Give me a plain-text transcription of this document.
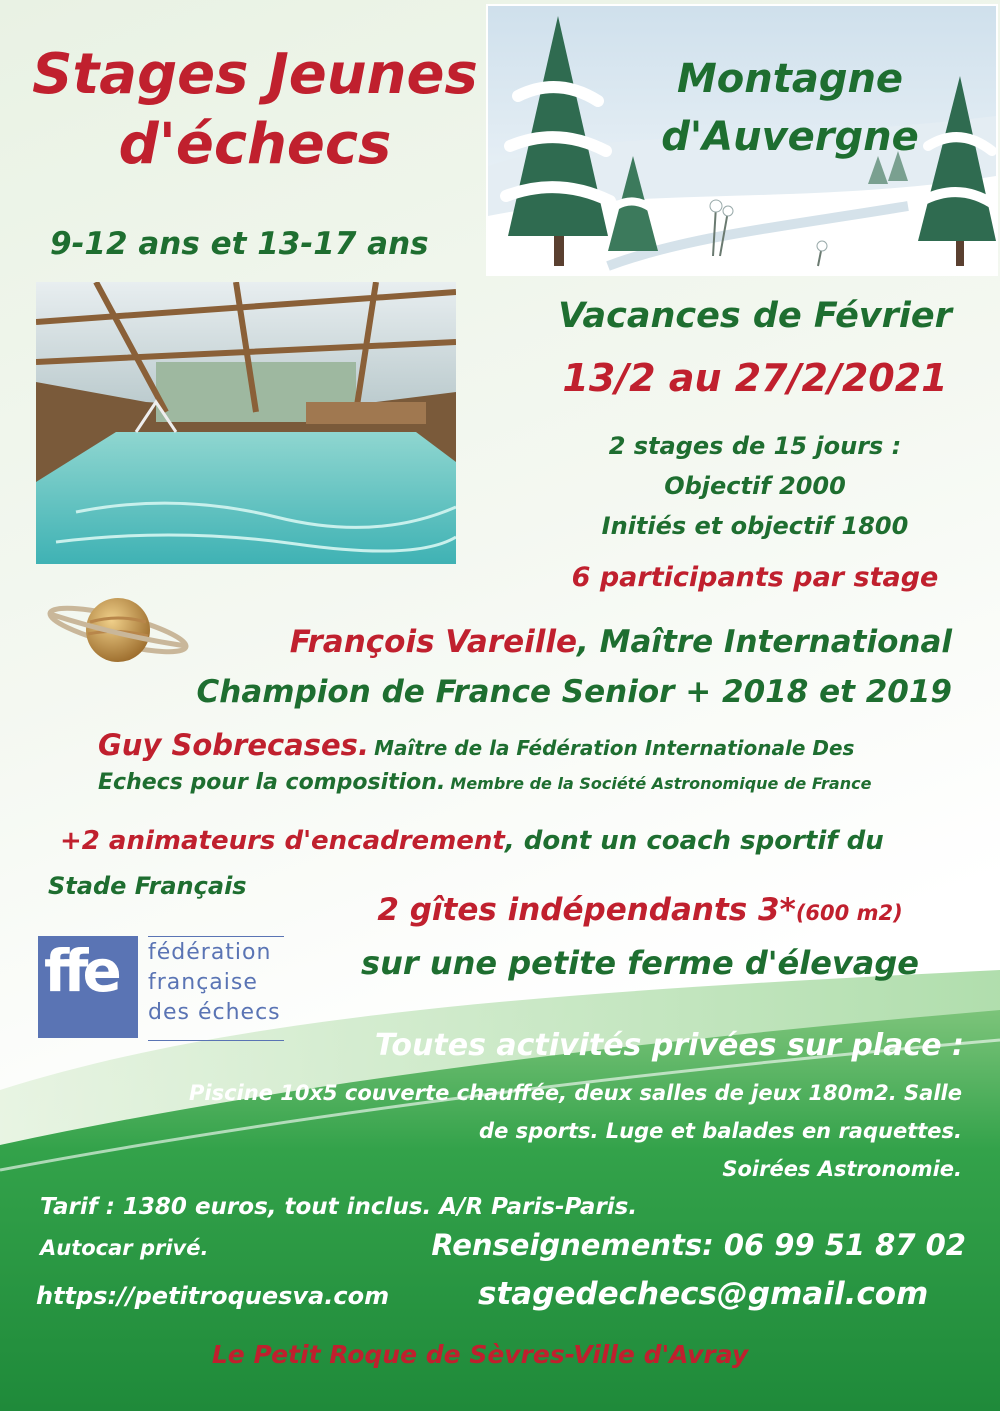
Stages Jeunes
d'échecs
9-12 ans et 13-17 ans
Montagne
d'Auvergne
Vacances de Février
13/2 au 27/2/2021
2 stages de 15 jours :
Objectif 2000
Initiés et objectif 1800
6 participants par stage
François Vareille, Maître International
Champion de France Senior + 2018 et 2019
Guy Sobrecases. Maître de la Fédération Internationale Des
Echecs pour la composition. Membre de la Société Astronomique de France
+2 animateurs d'encadrement, dont un coach sportif du
Stade Français
2 gîtes indépendants 3*(600 m2)
sur une petite ferme d'élevage
ffe fédération
française
des échecs
Toutes activités privées sur place :
Piscine 10x5 couverte chauffée, deux salles de jeux 180m2. Salle
de sports. Luge et balades en raquettes.
Soirées Astronomie.
Tarif : 1380 euros, tout inclus. A/R Paris-Paris.
Autocar privé.	Renseignements: 06 99 51 87 02
https://petitroquesva.com	stagedechecs@gmail.com
Le Petit Roque de Sèvres-Ville d'Avray
